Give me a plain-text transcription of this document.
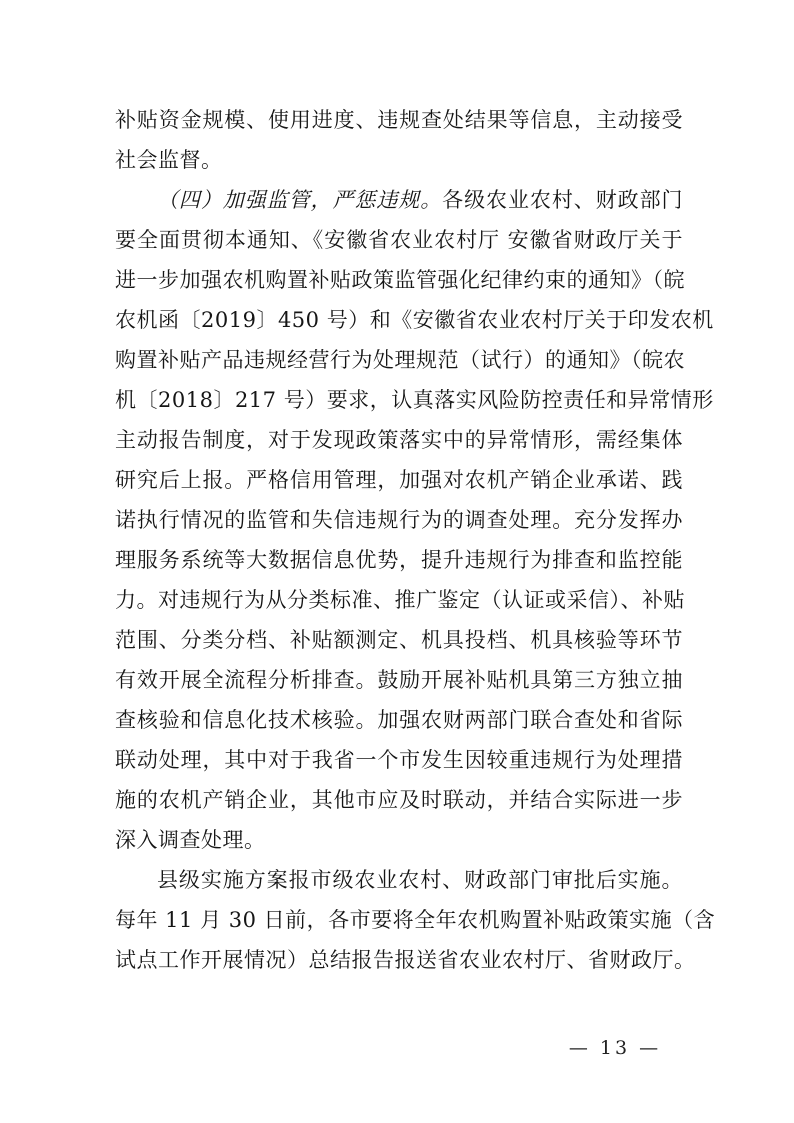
补贴资金规模、使用进度、违规查处结果等信息，主动接受
社会监督。
（四）加强监管，严惩违规。各级农业农村、财政部门
要全面贯彻本通知、《安徽省农业农村厅 安徽省财政厅关于
进一步加强农机购置补贴政策监管强化纪律约束的通知》（皖
农机函〔2019〕450 号）和《安徽省农业农村厅关于印发农机
购置补贴产品违规经营行为处理规范（试行）的通知》（皖农
机〔2018〕217 号）要求，认真落实风险防控责任和异常情形
主动报告制度，对于发现政策落实中的异常情形，需经集体
研究后上报。严格信用管理，加强对农机产销企业承诺、践
诺执行情况的监管和失信违规行为的调查处理。充分发挥办
理服务系统等大数据信息优势，提升违规行为排查和监控能
力。对违规行为从分类标准、推广鉴定（认证或采信）、补贴
范围、分类分档、补贴额测定、机具投档、机具核验等环节
有效开展全流程分析排查。鼓励开展补贴机具第三方独立抽
查核验和信息化技术核验。加强农财两部门联合查处和省际
联动处理，其中对于我省一个市发生因较重违规行为处理措
施的农机产销企业，其他市应及时联动，并结合实际进一步
深入调查处理。
县级实施方案报市级农业农村、财政部门审批后实施。
每年 11 月 30 日前，各市要将全年农机购置补贴政策实施（含
试点工作开展情况）总结报告报送省农业农村厅、省财政厅。
— 13 —
